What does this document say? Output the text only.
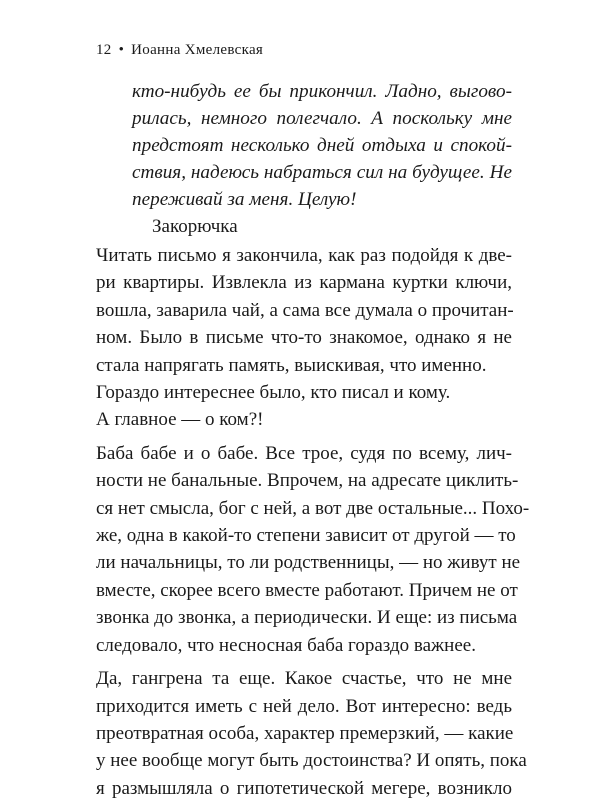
12 • Иоанна Хмелевская
кто-нибудь ее бы прикончил. Ладно, выгово-
рилась, немного полегчало. А поскольку мне
предстоят несколько дней отдыха и спокой-
ствия, надеюсь набраться сил на будущее. Не
переживай за меня. Целую!
Закорючка
Читать письмо я закончила, как раз подойдя к две-
ри квартиры. Извлекла из кармана куртки ключи,
вошла, заварила чай, а сама все думала о прочитан-
ном. Было в письме что-то знакомое, однако я не
стала напрягать память, выискивая, что именно.
Гораздо интереснее было, кто писал и кому.
А главное — о ком?!
Баба бабе и о бабе. Все трое, судя по всему, лич-
ности не банальные. Впрочем, на адресате циклить-
ся нет смысла, бог с ней, а вот две остальные... Похо-
же, одна в какой-то степени зависит от другой — то
ли начальницы, то ли родственницы, — но живут не
вместе, скорее всего вместе работают. Причем не от
звонка до звонка, а периодически. И еще: из письма
следовало, что несносная баба гораздо важнее.
Да, гангрена та еще. Какое счастье, что не мне
приходится иметь с ней дело. Вот интересно: ведь
преотвратная особа, характер премерзкий, — какие
у нее вообще могут быть достоинства? И опять, пока
я размышляла о гипотетической мегере, возникло
